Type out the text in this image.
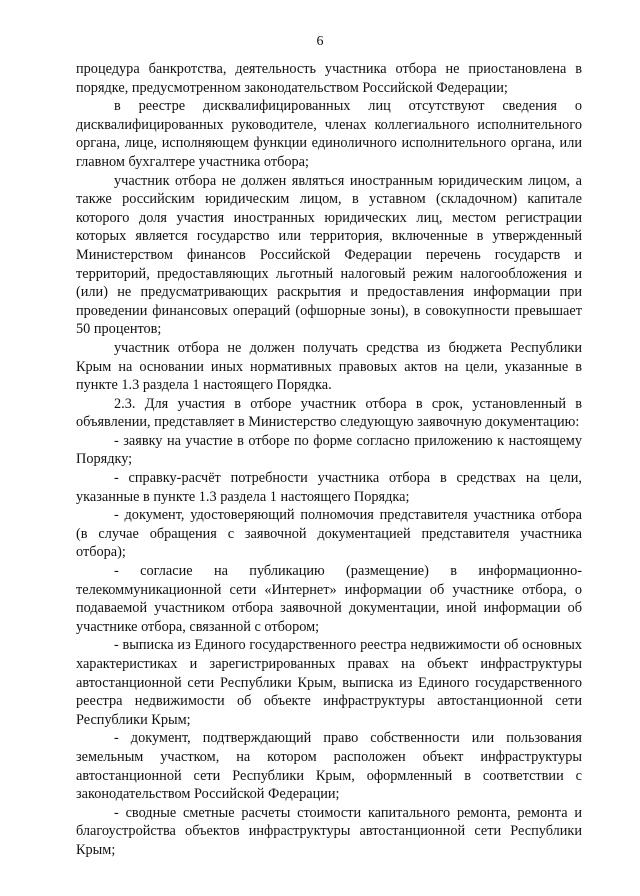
6

процедура банкротства, деятельность участника отбора не приостановлена в порядке, предусмотренном законодательством Российской Федерации;

в реестре дисквалифицированных лиц отсутствуют сведения о дисквалифицированных руководителе, членах коллегиального исполнительного органа, лице, исполняющем функции единоличного исполнительного органа, или главном бухгалтере участника отбора;

участник отбора не должен являться иностранным юридическим лицом, а также российским юридическим лицом, в уставном (складочном) капитале которого доля участия иностранных юридических лиц, местом регистрации которых является государство или территория, включенные в утвержденный Министерством финансов Российской Федерации перечень государств и территорий, предоставляющих льготный налоговый режим налогообложения и (или) не предусматривающих раскрытия и предоставления информации при проведении финансовых операций (офшорные зоны), в совокупности превышает 50 процентов;

участник отбора не должен получать средства из бюджета Республики Крым на основании иных нормативных правовых актов на цели, указанные в пункте 1.3 раздела 1 настоящего Порядка.

2.3. Для участия в отборе участник отбора в срок, установленный в объявлении, представляет в Министерство следующую заявочную документацию:

- заявку на участие в отборе по форме согласно приложению к настоящему Порядку;

- справку-расчёт потребности участника отбора в средствах на цели, указанные в пункте 1.3 раздела 1 настоящего Порядка;

- документ, удостоверяющий полномочия представителя участника отбора (в случае обращения с заявочной документацией представителя участника отбора);

- согласие на публикацию (размещение) в информационно-телекоммуникационной сети «Интернет» информации об участнике отбора, о подаваемой участником отбора заявочной документации, иной информации об участнике отбора, связанной с отбором;

- выписка из Единого государственного реестра недвижимости об основных характеристиках и зарегистрированных правах на объект инфраструктуры автостанционной сети Республики Крым, выписка из Единого государственного реестра недвижимости об объекте инфраструктуры автостанционной сети Республики Крым;

- документ, подтверждающий право собственности или пользования земельным участком, на котором расположен объект инфраструктуры автостанционной сети Республики Крым, оформленный в соответствии с законодательством Российской Федерации;

- сводные сметные расчеты стоимости капитального ремонта, ремонта и благоустройства объектов инфраструктуры автостанционной сети Республики Крым;
